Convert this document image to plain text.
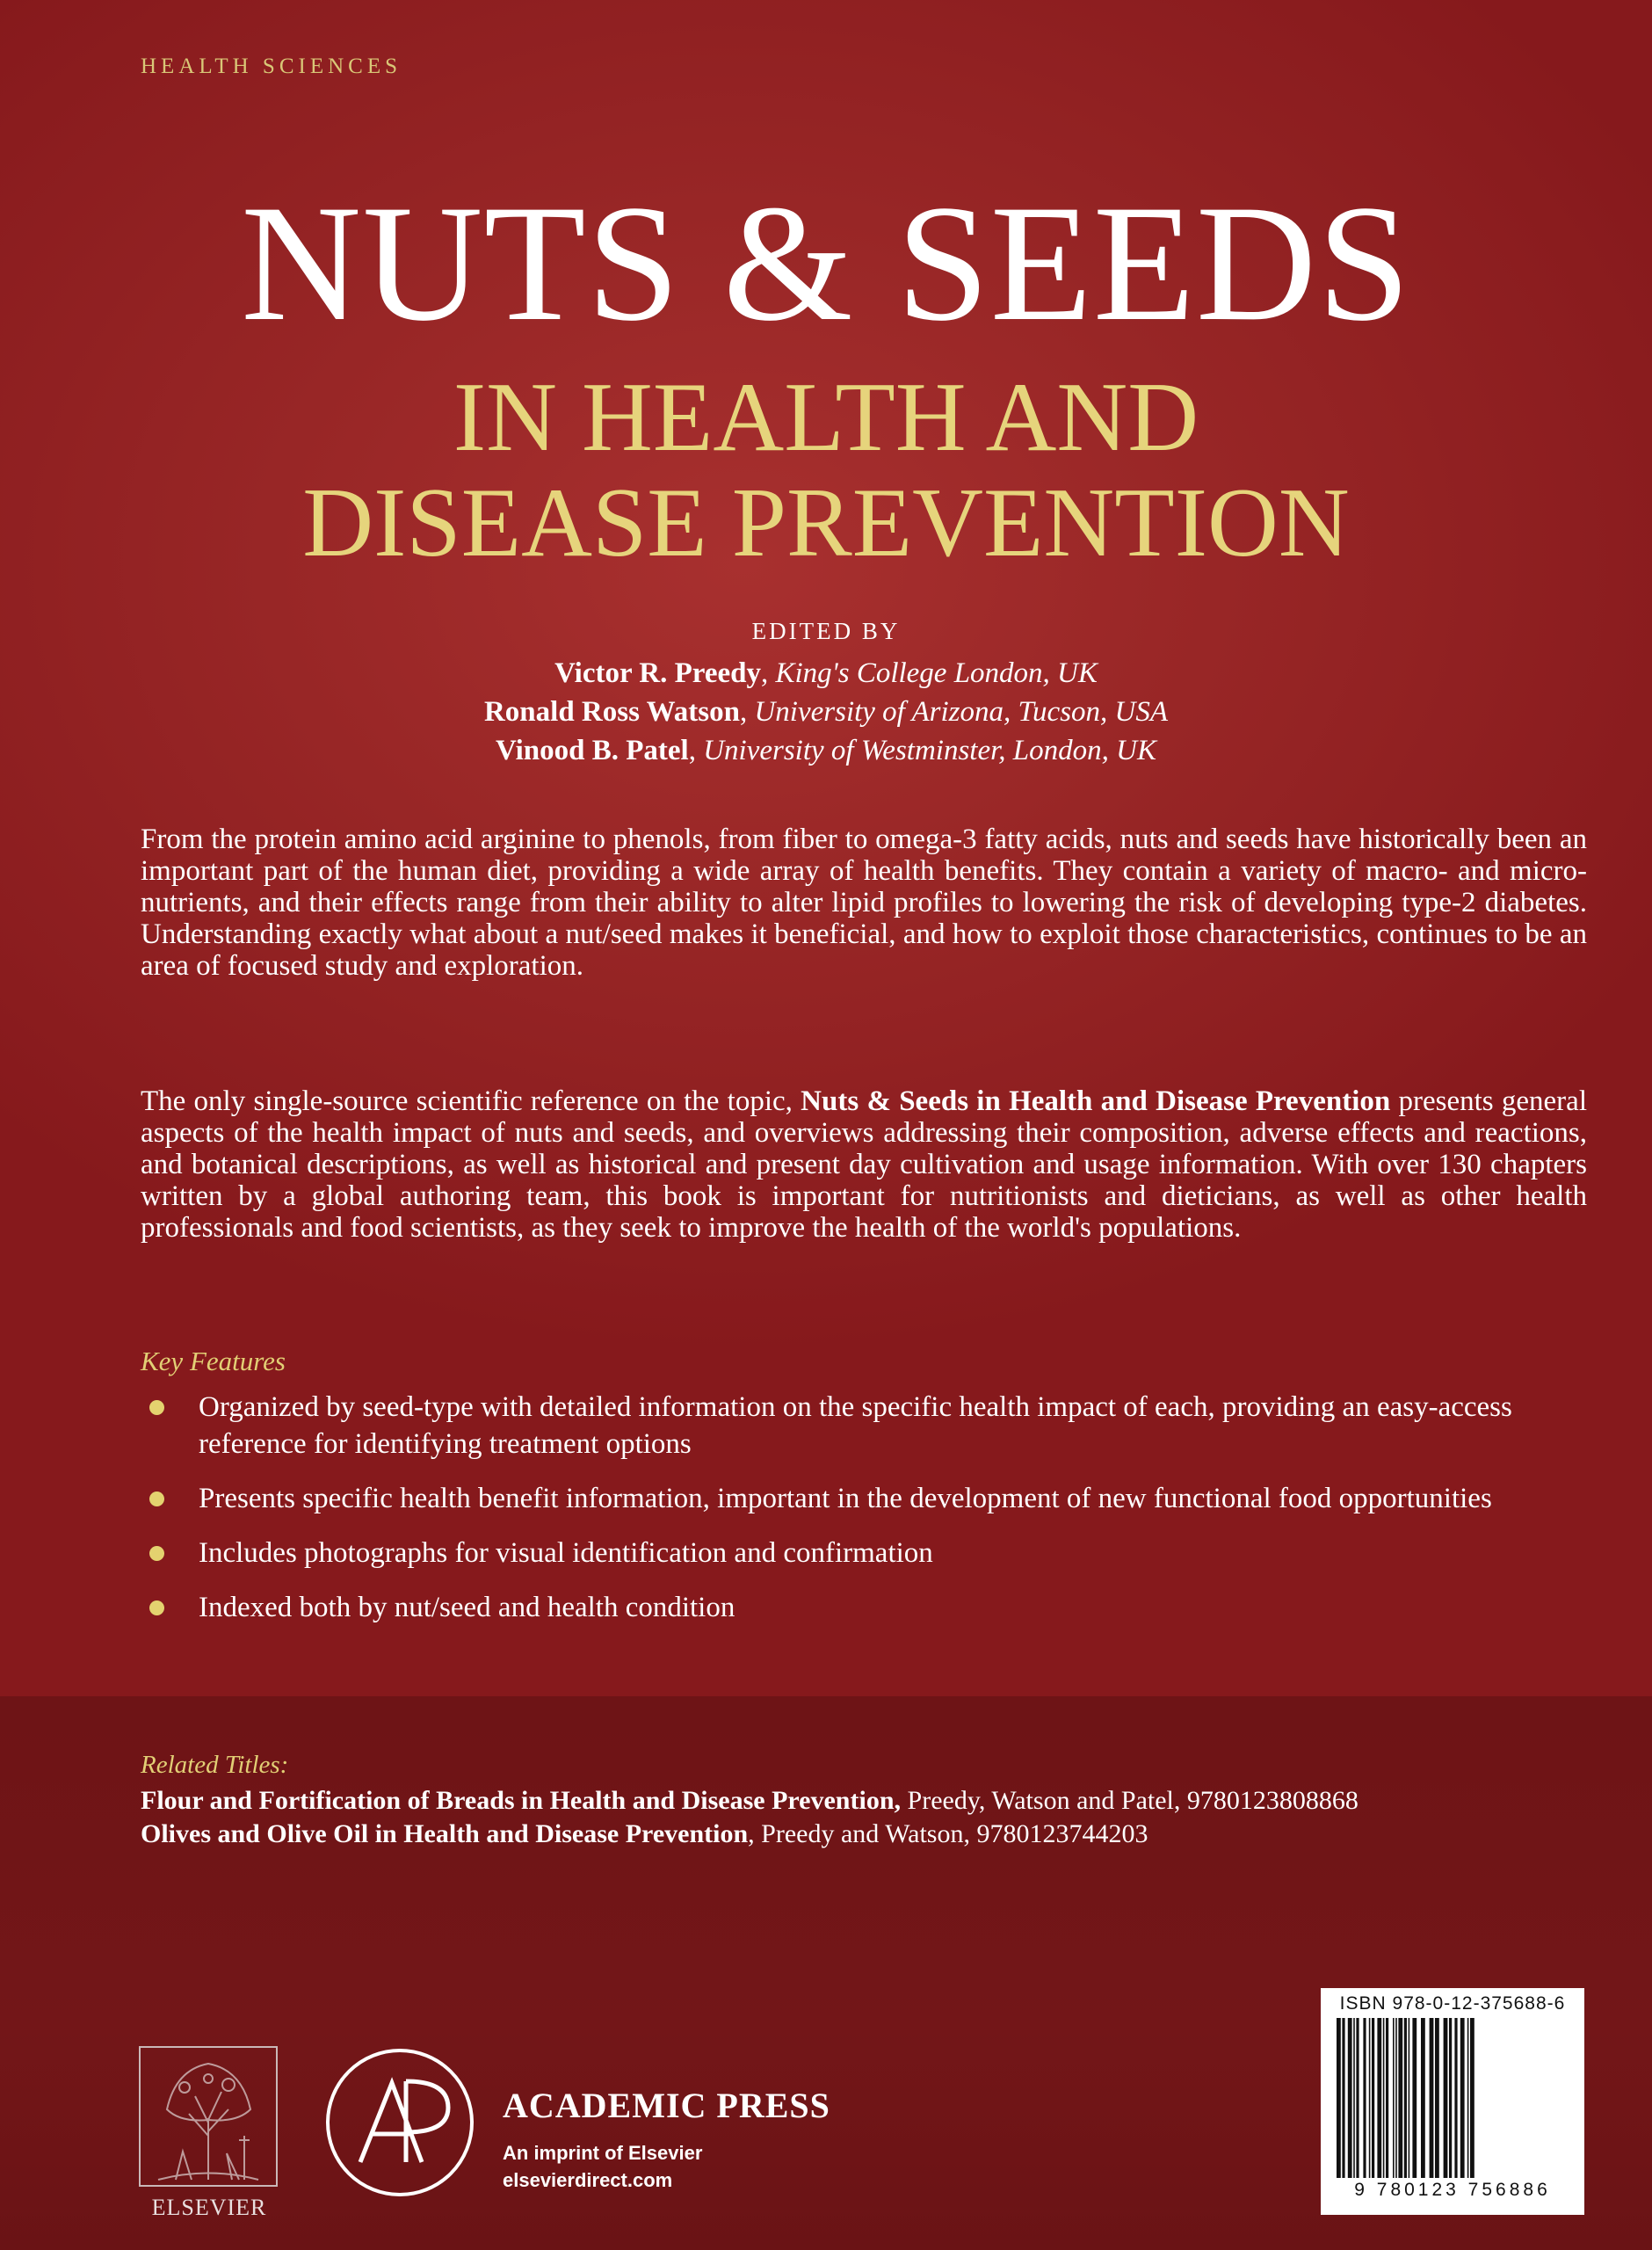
HEALTH SCIENCES
NUTS & SEEDS
IN HEALTH AND
DISEASE PREVENTION
EDITED BY
Victor R. Preedy, King's College London, UK
Ronald Ross Watson, University of Arizona, Tucson, USA
Vinood B. Patel, University of Westminster, London, UK

From the protein amino acid arginine to phenols, from fiber to omega-3 fatty acids, nuts and seeds have historically been an important part of the human diet, providing a wide array of health benefits. They contain a variety of macro- and micro-nutrients, and their effects range from their ability to alter lipid profiles to lowering the risk of developing type-2 diabetes. Understanding exactly what about a nut/seed makes it beneficial, and how to exploit those characteristics, continues to be an area of focused study and exploration.

The only single-source scientific reference on the topic, Nuts & Seeds in Health and Disease Prevention presents general aspects of the health impact of nuts and seeds, and overviews addressing their composition, adverse effects and reactions, and botanical descriptions, as well as historical and present day cultivation and usage information. With over 130 chapters written by a global authoring team, this book is important for nutritionists and dieticians, as well as other health professionals and food scientists, as they seek to improve the health of the world's populations.

Key Features
Organized by seed-type with detailed information on the specific health impact of each, providing an easy-access reference for identifying treatment options
Presents specific health benefit information, important in the development of new functional food opportunities
Includes photographs for visual identification and confirmation
Indexed both by nut/seed and health condition
Related Titles:
Flour and Fortification of Breads in Health and Disease Prevention, Preedy, Watson and Patel, 9780123808868
Olives and Olive Oil in Health and Disease Prevention, Preedy and Watson, 9780123744203
ELSEVIER
ACADEMIC PRESS
An imprint of Elsevier
elsevierdirect.com
ISBN 978-0-12-375688-6
9 780123 756886
